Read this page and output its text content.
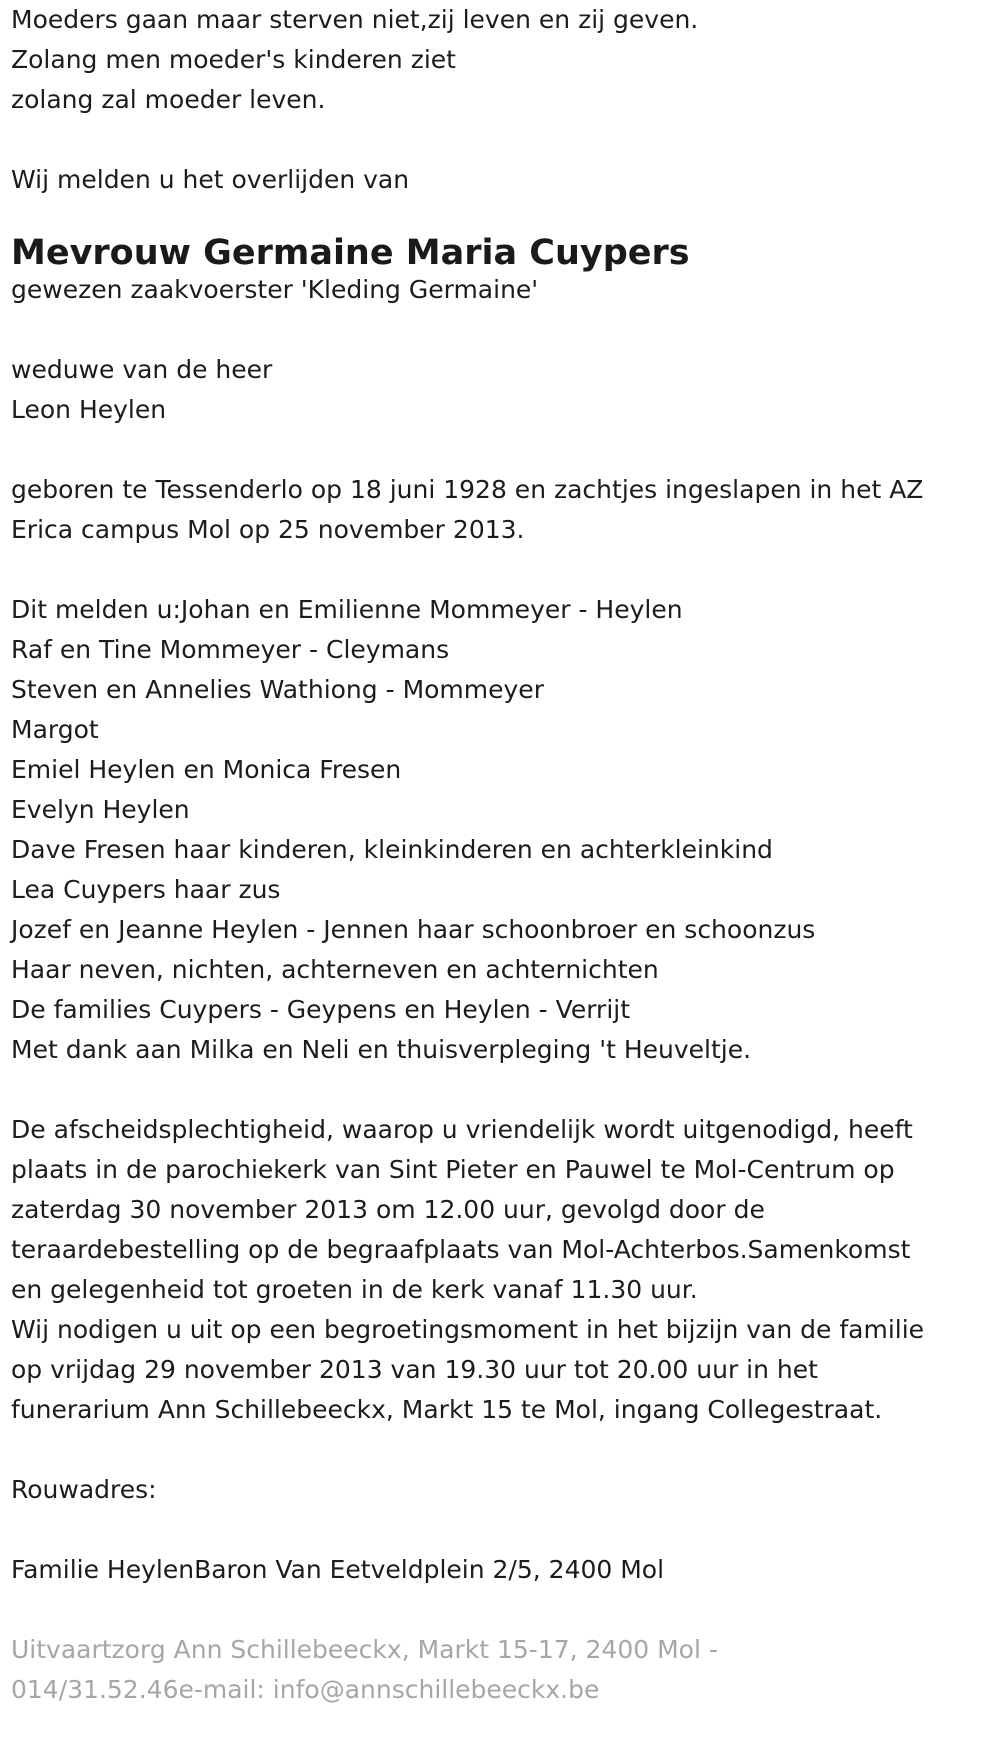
Moeders gaan maar sterven niet,zij leven en zij geven.

Zolang men moeder's kinderen ziet

zolang zal moeder leven.

Wij melden u het overlijden van

Mevrouw Germaine Maria Cuypers

gewezen zaakvoerster 'Kleding Germaine'

weduwe van de heer

Leon Heylen

geboren te Tessenderlo op 18 juni 1928 en zachtjes ingeslapen in het AZ

Erica campus Mol op 25 november 2013.

Dit melden u:Johan en Emilienne Mommeyer - Heylen

Raf en Tine Mommeyer - Cleymans

Steven en Annelies Wathiong - Mommeyer

Margot

Emiel Heylen en Monica Fresen

Evelyn Heylen

Dave Fresen haar kinderen, kleinkinderen en achterkleinkind

Lea Cuypers haar zus

Jozef en Jeanne Heylen - Jennen haar schoonbroer en schoonzus

Haar neven, nichten, achterneven en achternichten

De families Cuypers - Geypens en Heylen - Verrijt

Met dank aan Milka en Neli en thuisverpleging 't Heuveltje.

De afscheidsplechtigheid, waarop u vriendelijk wordt uitgenodigd, heeft

plaats in de parochiekerk van Sint Pieter en Pauwel te Mol-Centrum op

zaterdag 30 november 2013 om 12.00 uur, gevolgd door de

teraardebestelling op de begraafplaats van Mol-Achterbos.Samenkomst

en gelegenheid tot groeten in de kerk vanaf 11.30 uur.

Wij nodigen u uit op een begroetingsmoment in het bijzijn van de familie

op vrijdag 29 november 2013 van 19.30 uur tot 20.00 uur in het

funerarium Ann Schillebeeckx, Markt 15 te Mol, ingang Collegestraat.

Rouwadres:

Familie HeylenBaron Van Eetveldplein 2/5, 2400 Mol

Uitvaartzorg Ann Schillebeeckx, Markt 15-17, 2400 Mol -

014/31.52.46e-mail: info@annschillebeeckx.be
